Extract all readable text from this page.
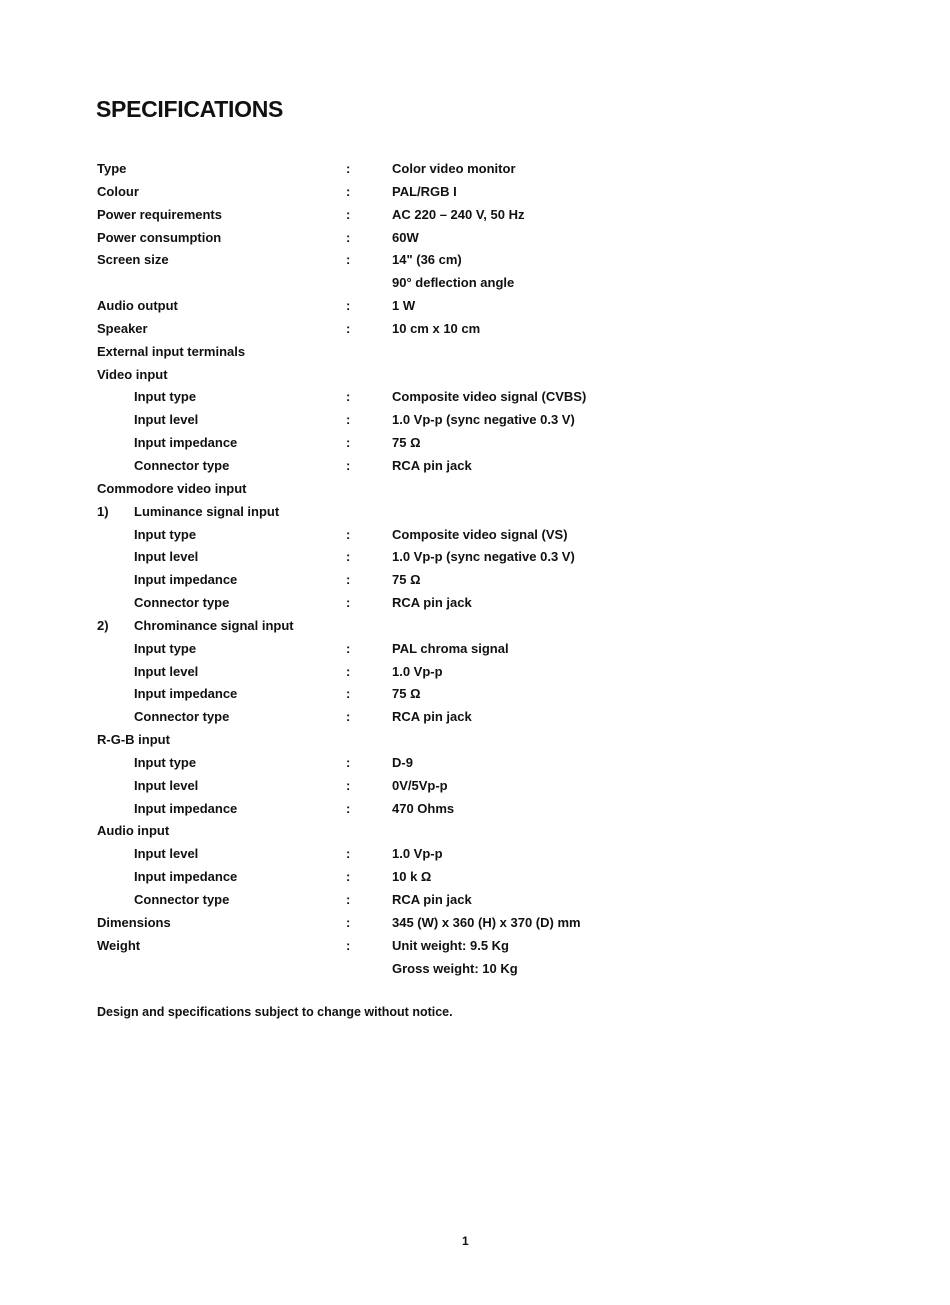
SPECIFICATIONS
Type	:	Color video monitor
Colour	:	PAL/RGB I
Power requirements	:	AC 220 – 240 V, 50 Hz
Power consumption	:	60W
Screen size	:	14" (36 cm)
90° deflection angle
Audio output	:	1 W
Speaker	:	10 cm x 10 cm
External input terminals
Video input
Input type	:	Composite video signal (CVBS)
Input level	:	1.0 Vp-p (sync negative 0.3 V)
Input impedance	:	75 Ω
Connector type	:	RCA pin jack
Commodore video input
1) Luminance signal input
Input type	:	Composite video signal (VS)
Input level	:	1.0 Vp-p (sync negative 0.3 V)
Input impedance	:	75 Ω
Connector type	:	RCA pin jack
2) Chrominance signal input
Input type	:	PAL chroma signal
Input level	:	1.0 Vp-p
Input impedance	:	75 Ω
Connector type	:	RCA pin jack
R-G-B input
Input type	:	D-9
Input level	:	0V/5Vp-p
Input impedance	:	470 Ohms
Audio input
Input level	:	1.0 Vp-p
Input impedance	:	10 k Ω
Connector type	:	RCA pin jack
Dimensions	:	345 (W) x 360 (H) x 370 (D) mm
Weight	:	Unit weight: 9.5 Kg
Gross weight: 10 Kg

Design and specifications subject to change without notice.

1
